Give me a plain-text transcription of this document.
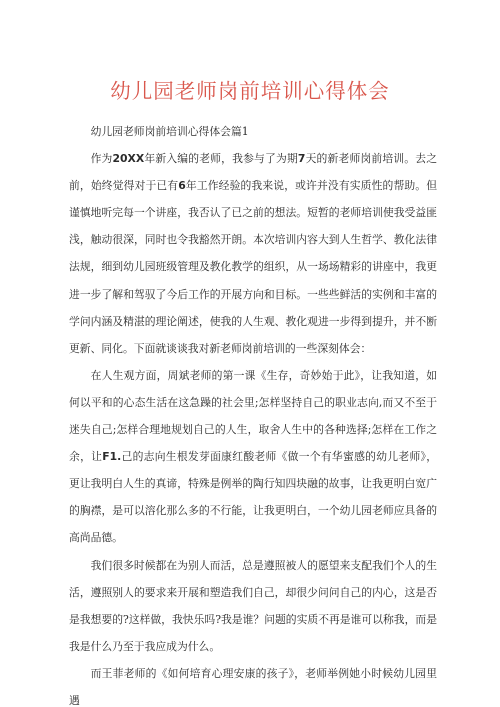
幼儿园老师岗前培训心得体会

幼儿园老师岗前培训心得体会篇1

作为20XX年新入编的老师，我参与了为期7天的新老师岗前培训。去之前，始终觉得对于已有6年工作经验的我来说，或许并没有实质性的帮助。但谨慎地听完每一个讲座，我否认了已之前的想法。短暂的老师培训使我受益匪浅，触动很深，同时也令我豁然开朗。本次培训内容大到人生哲学、教化法律法规，细到幼儿园班级管理及教化教学的组织，从一场场精彩的讲座中，我更进一步了解和驾驭了今后工作的开展方向和目标。一些些鲜活的实例和丰富的学问内涵及精湛的理论阐述，使我的人生观、教化观进一步得到提升，并不断更新、同化。下面就谈谈我对新老师岗前培训的一些深刻体会：

在人生观方面，周斌老师的第一课《生存，奇妙始于此》，让我知道，如何以平和的心态生活在这急躁的社会里;怎样坚持自己的职业志向,而又不至于迷失自己;怎样合理地规划自己的人生，取舍人生中的各种选择;怎样在工作之余，让F1.己的志向生根发芽面康红酸老师《做一个有华蜜感的幼儿老师》，更让我明白人生的真谛，特殊是例举的陶行知四块融的故事，让我更明白宽广的胸襟，是可以溶化那么多的不行能，让我更明白，一个幼儿园老师应具备的高尚品德。

我们很多时候都在为别人而活，总是遵照被人的愿望来支配我们个人的生活，遵照别人的要求来开展和塑造我们自己，却很少问问自己的内心，这是否是我想要的?这样做，我快乐吗?我是谁？问题的实质不再是谁可以称我，而是我是什么乃至于我应成为什么。

而王菲老师的《如何培育心理安康的孩子》，老师举例她小时候幼儿园里遇
